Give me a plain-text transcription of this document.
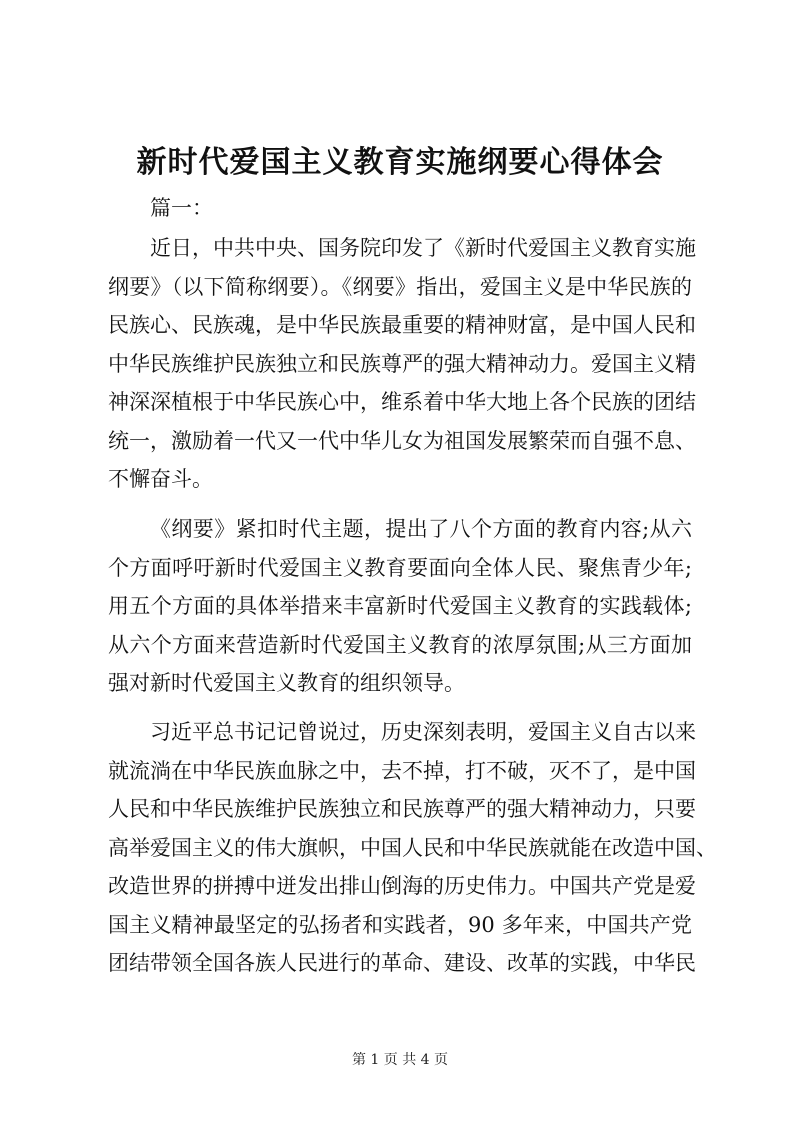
新时代爱国主义教育实施纲要心得体会
篇一：
近日，中共中央、国务院印发了《新时代爱国主义教育实施
纲要》（以下简称纲要）。《纲要》指出，爱国主义是中华民族的
民族心、民族魂，是中华民族最重要的精神财富，是中国人民和
中华民族维护民族独立和民族尊严的强大精神动力。爱国主义精
神深深植根于中华民族心中，维系着中华大地上各个民族的团结
统一，激励着一代又一代中华儿女为祖国发展繁荣而自强不息、
不懈奋斗。
《纲要》紧扣时代主题，提出了八个方面的教育内容;从六
个方面呼吁新时代爱国主义教育要面向全体人民、聚焦青少年;
用五个方面的具体举措来丰富新时代爱国主义教育的实践载体;
从六个方面来营造新时代爱国主义教育的浓厚氛围;从三方面加
强对新时代爱国主义教育的组织领导。
习近平总书记记曾说过，历史深刻表明，爱国主义自古以来
就流淌在中华民族血脉之中，去不掉，打不破，灭不了，是中国
人民和中华民族维护民族独立和民族尊严的强大精神动力，只要
高举爱国主义的伟大旗帜，中国人民和中华民族就能在改造中国、
改造世界的拼搏中迸发出排山倒海的历史伟力。中国共产党是爱
国主义精神最坚定的弘扬者和实践者，90 多年来，中国共产党
团结带领全国各族人民进行的革命、建设、改革的实践，中华民
第 1 页 共 4 页
